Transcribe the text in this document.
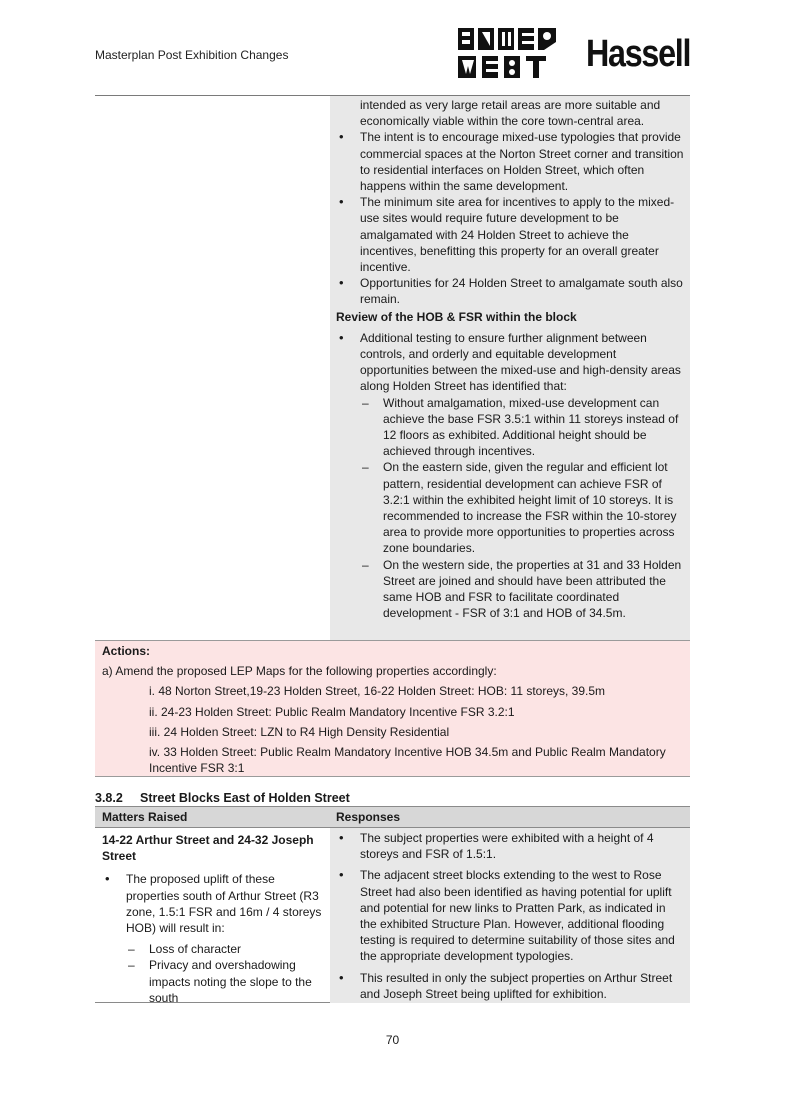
Masterplan Post Exhibition Changes	Hassell
intended as very large retail areas are more suitable and economically viable within the core town-central area.
• The intent is to encourage mixed-use typologies that provide commercial spaces at the Norton Street corner and transition to residential interfaces on Holden Street, which often happens within the same development.
• The minimum site area for incentives to apply to the mixed-use sites would require future development to be amalgamated with 24 Holden Street to achieve the incentives, benefitting this property for an overall greater incentive.
• Opportunities for 24 Holden Street to amalgamate south also remain.
Review of the HOB & FSR within the block
• Additional testing to ensure further alignment between controls, and orderly and equitable development opportunities between the mixed-use and high-density areas along Holden Street has identified that:
– Without amalgamation, mixed-use development can achieve the base FSR 3.5:1 within 11 storeys instead of 12 floors as exhibited. Additional height should be achieved through incentives.
– On the eastern side, given the regular and efficient lot pattern, residential development can achieve FSR of 3.2:1 within the exhibited height limit of 10 storeys. It is recommended to increase the FSR within the 10-storey area to provide more opportunities to properties across zone boundaries.
– On the western side, the properties at 31 and 33 Holden Street are joined and should have been attributed the same HOB and FSR to facilitate coordinated development - FSR of 3:1 and HOB of 34.5m.
Actions:
a) Amend the proposed LEP Maps for the following properties accordingly:
i. 48 Norton Street,19-23 Holden Street, 16-22 Holden Street: HOB: 11 storeys, 39.5m
ii. 24-23 Holden Street: Public Realm Mandatory Incentive FSR 3.2:1
iii. 24 Holden Street: LZN to R4 High Density Residential
iv. 33 Holden Street: Public Realm Mandatory Incentive HOB 34.5m and Public Realm Mandatory Incentive FSR 3:1
3.8.2 Street Blocks East of Holden Street
Matters Raised	Responses
14-22 Arthur Street and 24-32 Joseph Street
• The proposed uplift of these properties south of Arthur Street (R3 zone, 1.5:1 FSR and 16m / 4 storeys HOB) will result in:
– Loss of character
– Privacy and overshadowing impacts noting the slope to the south
• The subject properties were exhibited with a height of 4 storeys and FSR of 1.5:1.
• The adjacent street blocks extending to the west to Rose Street had also been identified as having potential for uplift and potential for new links to Pratten Park, as indicated in the exhibited Structure Plan. However, additional flooding testing is required to determine suitability of those sites and the appropriate development typologies.
• This resulted in only the subject properties on Arthur Street and Joseph Street being uplifted for exhibition.
70
